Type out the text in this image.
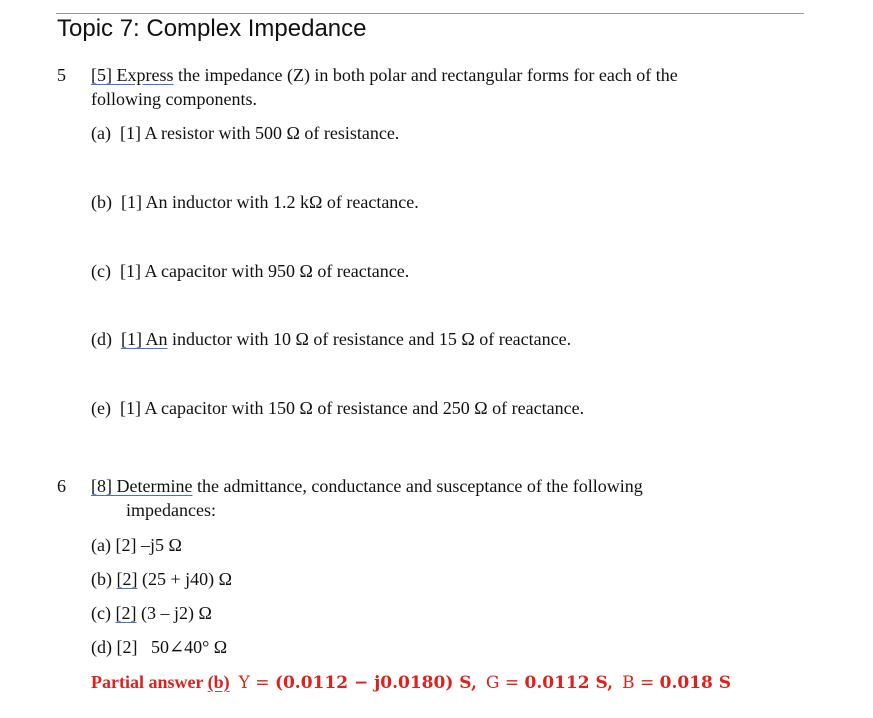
Topic 7: Complex Impedance
5 [5] Express the impedance (Z) in both polar and rectangular forms for each of the
following components.
(a) [1] A resistor with 500 Ω of resistance.
(b) [1] An inductor with 1.2 kΩ of reactance.
(c) [1] A capacitor with 950 Ω of reactance.
(d) [1] An inductor with 10 Ω of resistance and 15 Ω of reactance.
(e) [1] A capacitor with 150 Ω of resistance and 250 Ω of reactance.
6 [8] Determine the admittance, conductance and susceptance of the following
impedances:
(a) [2] –j5 Ω
(b) [2] (25 + j40) Ω
(c) [2] (3 – j2) Ω
(d) [2]   50∠40° Ω
Partial answer (b) Y = (0.0112 − j0.0180) S, G = 0.0112 S, B = 0.018 S
